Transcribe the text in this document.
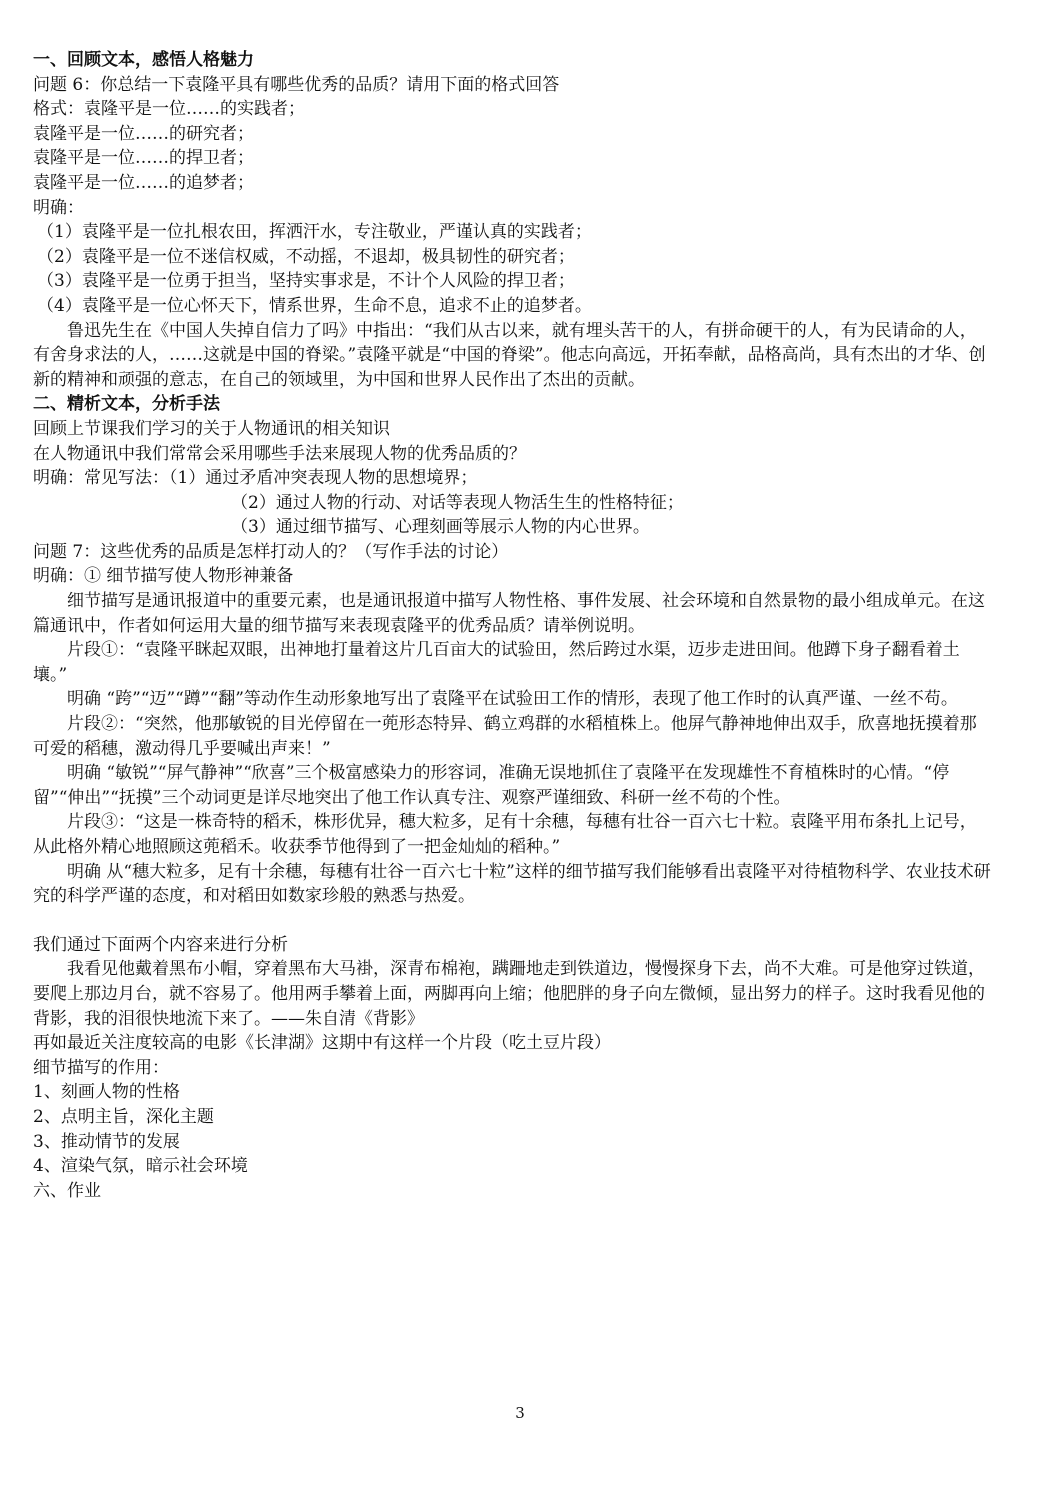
一、回顾文本，感悟人格魅力
问题 6：你总结一下袁隆平具有哪些优秀的品质？请用下面的格式回答
格式：袁隆平是一位……的实践者；
袁隆平是一位……的研究者；
袁隆平是一位……的捍卫者；
袁隆平是一位……的追梦者；
明确：
（1）袁隆平是一位扎根农田，挥洒汗水，专注敬业，严谨认真的实践者；
（2）袁隆平是一位不迷信权威，不动摇，不退却，极具韧性的研究者；
（3）袁隆平是一位勇于担当，坚持实事求是，不计个人风险的捍卫者；
（4）袁隆平是一位心怀天下，情系世界，生命不息，追求不止的追梦者。
鲁迅先生在《中国人失掉自信力了吗》中指出：“我们从古以来，就有埋头苦干的人，有拼命硬干的人，有为民请命的人，有舍身求法的人，……这就是中国的脊梁。”袁隆平就是“中国的脊梁”。他志向高远，开拓奉献，品格高尚，具有杰出的才华、创新的精神和顽强的意志，在自己的领域里，为中国和世界人民作出了杰出的贡献。
二、精析文本，分析手法
回顾上节课我们学习的关于人物通讯的相关知识
在人物通讯中我们常常会采用哪些手法来展现人物的优秀品质的？
明确：常见写法：（1）通过矛盾冲突表现人物的思想境界；
（2）通过人物的行动、对话等表现人物活生生的性格特征；
（3）通过细节描写、心理刻画等展示人物的内心世界。
问题 7：这些优秀的品质是怎样打动人的？（写作手法的讨论）
明确：① 细节描写使人物形神兼备
细节描写是通讯报道中的重要元素，也是通讯报道中描写人物性格、事件发展、社会环境和自然景物的最小组成单元。在这篇通讯中，作者如何运用大量的细节描写来表现袁隆平的优秀品质？请举例说明。
片段①：“袁隆平眯起双眼，出神地打量着这片几百亩大的试验田，然后跨过水渠，迈步走进田间。他蹲下身子翻看着土壤。”
明确 “跨”“迈”“蹲”“翻”等动作生动形象地写出了袁隆平在试验田工作的情形，表现了他工作时的认真严谨、一丝不苟。
片段②：“突然，他那敏锐的目光停留在一蔸形态特异、鹤立鸡群的水稻植株上。他屏气静神地伸出双手，欣喜地抚摸着那可爱的稻穗，激动得几乎要喊出声来！”
明确 “敏锐”“屏气静神”“欣喜”三个极富感染力的形容词，准确无误地抓住了袁隆平在发现雄性不育植株时的心情。“停留”“伸出”“抚摸”三个动词更是详尽地突出了他工作认真专注、观察严谨细致、科研一丝不苟的个性。
片段③：“这是一株奇特的稻禾，株形优异，穗大粒多，足有十余穗，每穗有壮谷一百六七十粒。袁隆平用布条扎上记号，从此格外精心地照顾这蔸稻禾。收获季节他得到了一把金灿灿的稻种。”
明确 从“穗大粒多，足有十余穗，每穗有壮谷一百六七十粒”这样的细节描写我们能够看出袁隆平对待植物科学、农业技术研究的科学严谨的态度，和对稻田如数家珍般的熟悉与热爱。
我们通过下面两个内容来进行分析
我看见他戴着黑布小帽，穿着黑布大马褂，深青布棉袍，蹒跚地走到铁道边，慢慢探身下去，尚不大难。可是他穿过铁道，要爬上那边月台，就不容易了。他用两手攀着上面，两脚再向上缩；他肥胖的身子向左微倾，显出努力的样子。这时我看见他的背影，我的泪很快地流下来了。——朱自清《背影》
再如最近关注度较高的电影《长津湖》这期中有这样一个片段（吃土豆片段）
细节描写的作用：
1、刻画人物的性格
2、点明主旨，深化主题
3、推动情节的发展
4、渲染气氛，暗示社会环境
六、作业
3
